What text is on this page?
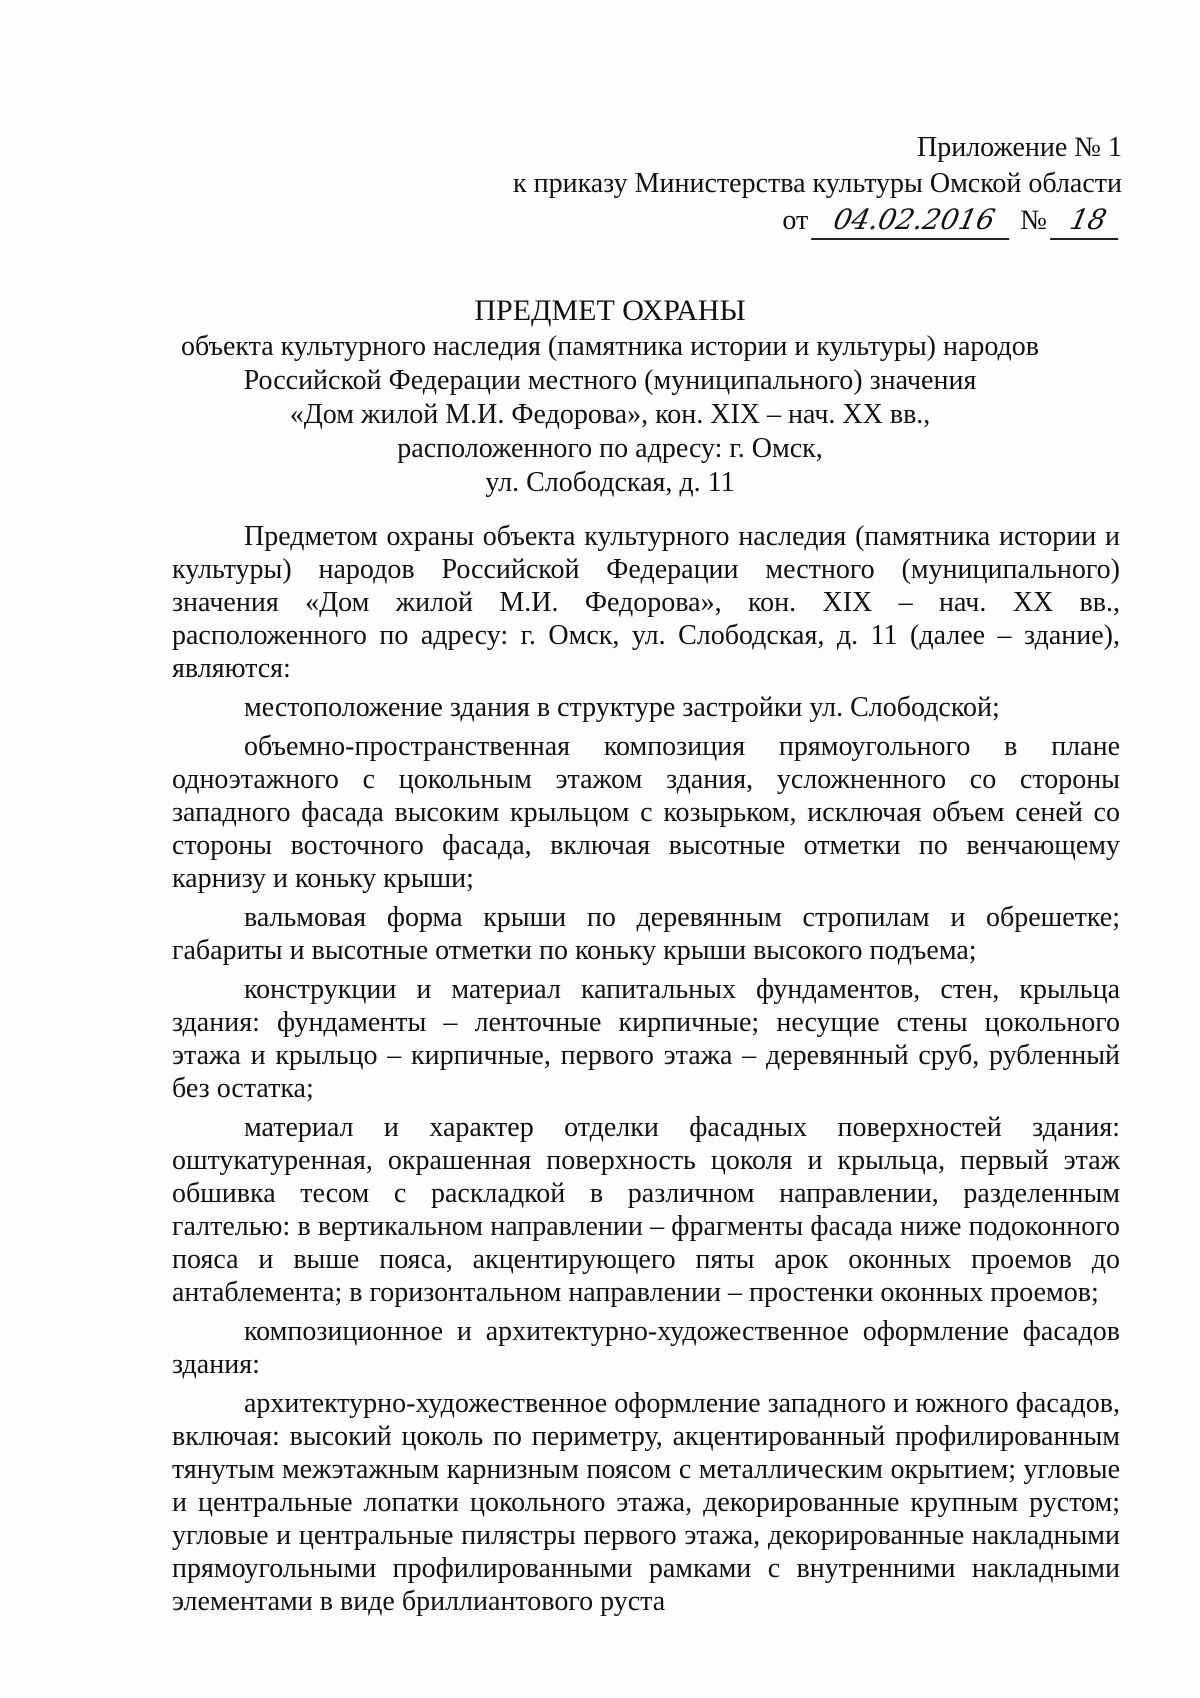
Приложение № 1
к приказу Министерства культуры Омской области
от 04.02.2016 № 18
ПРЕДМЕТ ОХРАНЫ
объекта культурного наследия (памятника истории и культуры) народов
Российской Федерации местного (муниципального) значения
«Дом жилой М.И. Федорова», кон. XIX – нач. XX вв.,
расположенного по адресу: г. Омск,
ул. Слободская, д. 11

Предметом охраны объекта культурного наследия (памятника истории и культуры) народов Российской Федерации местного (муниципального) значения «Дом жилой М.И. Федорова», кон. XIX – нач. XX вв., расположенного по адресу: г. Омск, ул. Слободская, д. 11 (далее – здание), являются:

местоположение здания в структуре застройки ул. Слободской;

объемно-пространственная композиция прямоугольного в плане одноэтажного с цокольным этажом здания, усложненного со стороны западного фасада высоким крыльцом с козырьком, исключая объем сеней со стороны восточного фасада, включая высотные отметки по венчающему карнизу и коньку крыши;

вальмовая форма крыши по деревянным стропилам и обрешетке; габариты и высотные отметки по коньку крыши высокого подъема;

конструкции и материал капитальных фундаментов, стен, крыльца здания: фундаменты – ленточные кирпичные; несущие стены цокольного этажа и крыльцо – кирпичные, первого этажа – деревянный сруб, рубленный без остатка;

материал и характер отделки фасадных поверхностей здания: оштукатуренная, окрашенная поверхность цоколя и крыльца, первый этаж обшивка тесом с раскладкой в различном направлении, разделенным галтелью: в вертикальном направлении – фрагменты фасада ниже подоконного пояса и выше пояса, акцентирующего пяты арок оконных проемов до антаблемента; в горизонтальном направлении – простенки оконных проемов;

композиционное и архитектурно-художественное оформление фасадов здания:

архитектурно-художественное оформление западного и южного фасадов, включая: высокий цоколь по периметру, акцентированный профилированным тянутым межэтажным карнизным поясом с металлическим окрытием; угловые и центральные лопатки цокольного этажа, декорированные крупным рустом; угловые и центральные пилястры первого этажа, декорированные накладными прямоугольными профилированными рамками с внутренними накладными элементами в виде бриллиантового руста
